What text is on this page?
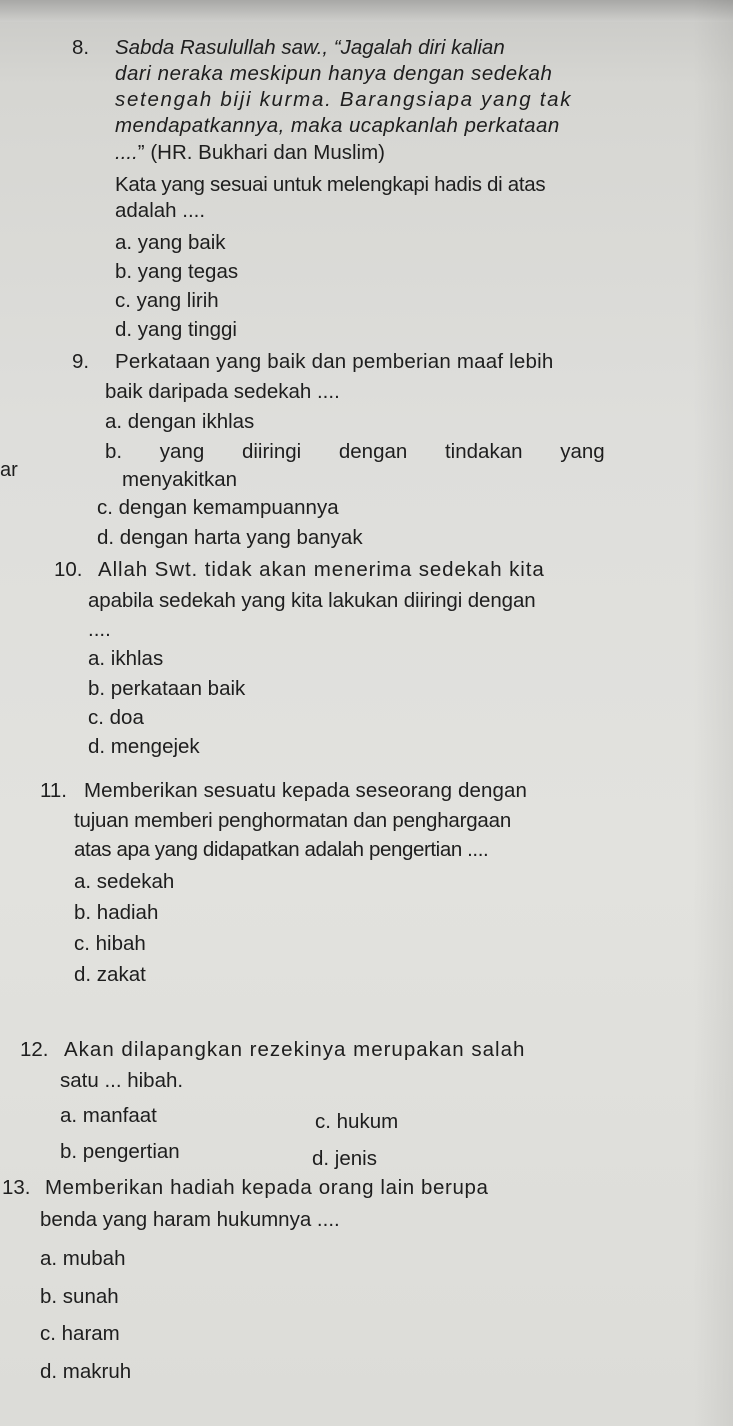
8. Sabda Rasulullah saw., “Jagalah diri kalian
dari neraka meskipun hanya dengan sedekah
setengah biji kurma. Barangsiapa yang tak
mendapatkannya, maka ucapkanlah perkataan
....” (HR. Bukhari dan Muslim)
Kata yang sesuai untuk melengkapi hadis di atas
adalah ....
a. yang baik
b. yang tegas
c. yang lirih
d. yang tinggi
9. Perkataan yang baik dan pemberian maaf lebih
baik daripada sedekah ....
a. dengan ikhlas
b. yang diiringi dengan tindakan yang
ar	menyakitkan
c. dengan kemampuannya
d. dengan harta yang banyak
10. Allah Swt. tidak akan menerima sedekah kita
apabila sedekah yang kita lakukan diiringi dengan
....
a. ikhlas
b. perkataan baik
c. doa
d. mengejek
11. Memberikan sesuatu kepada seseorang dengan
tujuan memberi penghormatan dan penghargaan
atas apa yang didapatkan adalah pengertian ....
a. sedekah
b. hadiah
c. hibah
d. zakat
12. Akan dilapangkan rezekinya merupakan salah
satu ... hibah.
a. manfaat	c. hukum
b. pengertian	d. jenis
13. Memberikan hadiah kepada orang lain berupa
benda yang haram hukumnya ....
a. mubah
b. sunah
c. haram
d. makruh
